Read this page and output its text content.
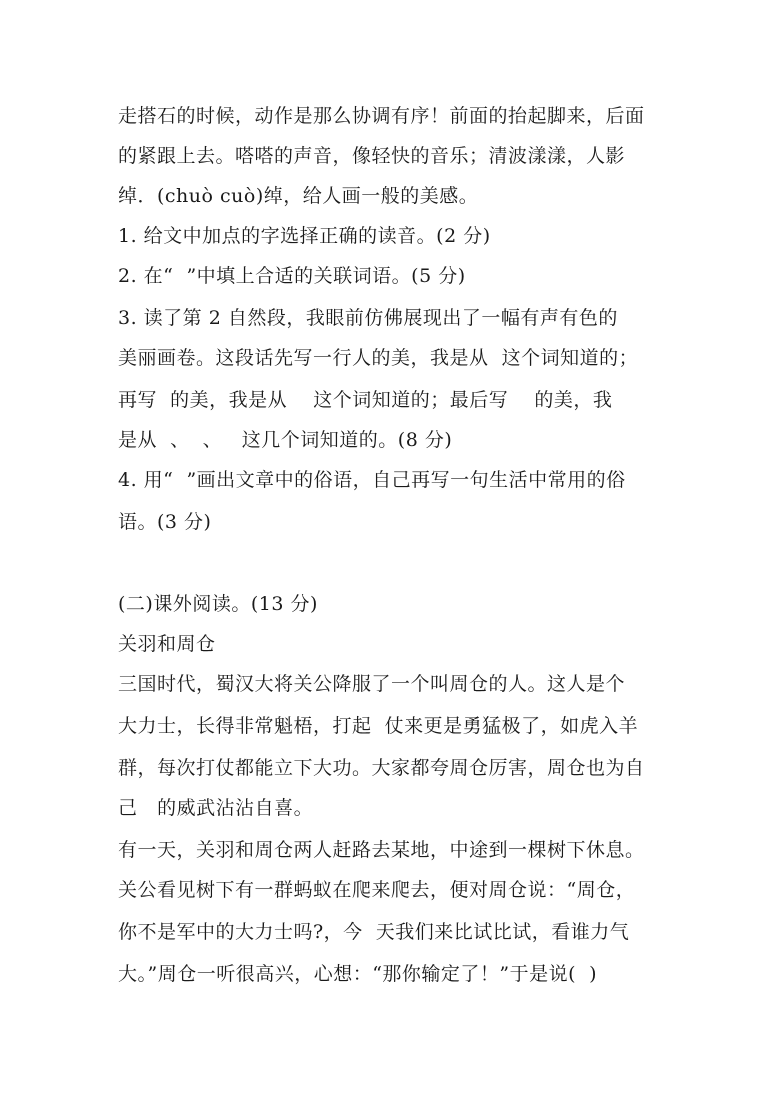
走搭石的时候，动作是那么协调有序！前面的抬起脚来，后面
的紧跟上去。嗒嗒的声音，像轻快的音乐；清波漾漾，人影
绰．(chuò cuò)绰，给人画一般的美感。
1. 给文中加点的字选择正确的读音。(2 分)
2. 在“  ”中填上合适的关联词语。(5 分)
3. 读了第 2 自然段，我眼前仿佛展现出了一幅有声有色的
美丽画卷。这段话先写一行人的美，我是从  这个词知道的；
再写  的美，我是从    这个词知道的；最后写    的美，我
是从  、  、   这几个词知道的。(8 分)
4. 用“  ”画出文章中的俗语，自己再写一句生活中常用的俗
语。(3 分)
(二)课外阅读。(13 分)
关羽和周仓
三国时代，蜀汉大将关公降服了一个叫周仓的人。这人是个
大力士，长得非常魁梧，打起  仗来更是勇猛极了，如虎入羊
群，每次打仗都能立下大功。大家都夸周仓厉害，周仓也为自
己   的威武沾沾自喜。
有一天，关羽和周仓两人赶路去某地，中途到一棵树下休息。
关公看见树下有一群蚂蚁在爬来爬去，便对周仓说：“周仓，
你不是军中的大力士吗?，今  天我们来比试比试，看谁力气
大。”周仓一听很高兴，心想：“那你输定了！”于是说(  )
